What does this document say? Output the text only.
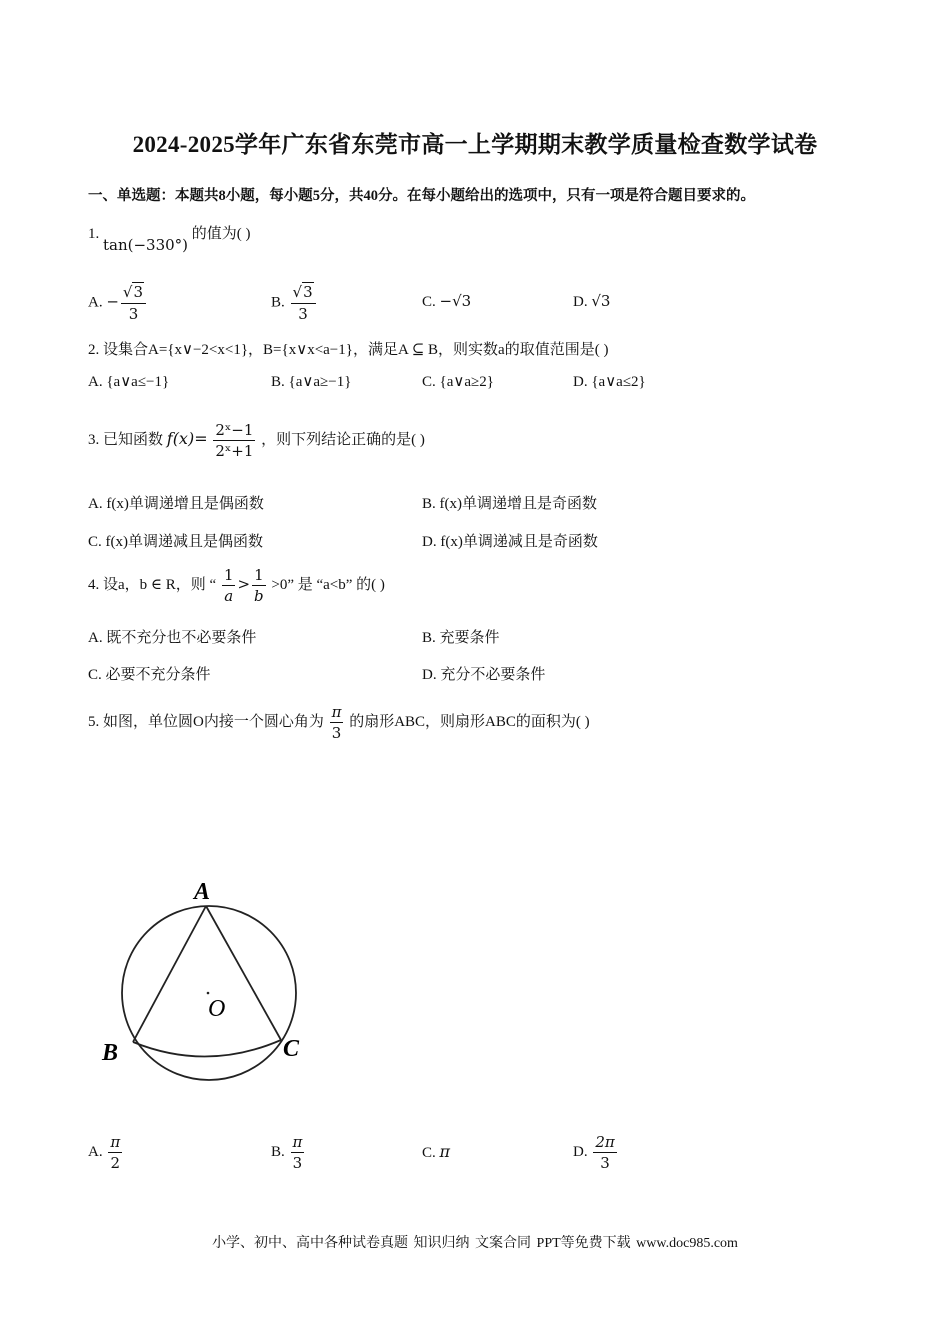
2024-2025学年广东省东莞市高一上学期期末教学质量检查数学试卷
一、单选题：本题共8小题，每小题5分，共40分。在每小题给出的选项中，只有一项是符合题目要求的。
1. tan(−330°) 的值为( )
A. − $\frac{√3}{3}$	B. $\frac{√3}{3}$	C. −√3	D. √3
2. 设集合A={x∨−2<x<1}，B={x∨x<a−1}，满足A ⊆ B，则实数a的取值范围是( )
A. {a∨a≤−1}	B. {a∨a≥−1}	C. {a∨a≥2}	D. {a∨a≤2}
3. 已知函数 $f(x)= \frac{\text{2ˣ−1}}{\text{2ˣ+1}}$ ，则下列结论正确的是( )
A. f(x)单调递增且是偶函数	B. f(x)单调递增且是奇函数
C. f(x)单调递减且是偶函数	D. f(x)单调递减且是奇函数
4. 设a，b ∈ R，则 “ $\frac{1}{a} > \frac{1}{b} >0$” 是 “a<b” 的( )
A. 既不充分也不必要条件	B. 充要条件
C. 必要不充分条件	D. 充分不必要条件
5. 如图，单位圆O内接一个圆心角为 $\frac{\pi}{3}$ 的扇形ABC，则扇形ABC的面积为( )
A
B	C
O
A. $\frac{\pi}{2}$	B. $\frac{\pi}{3}$	C. π	D. $\frac{2\pi}{3}$
小学、初中、高中各种试卷真题 知识归纳 文案合同 PPT等免费下载 www.doc985.com
